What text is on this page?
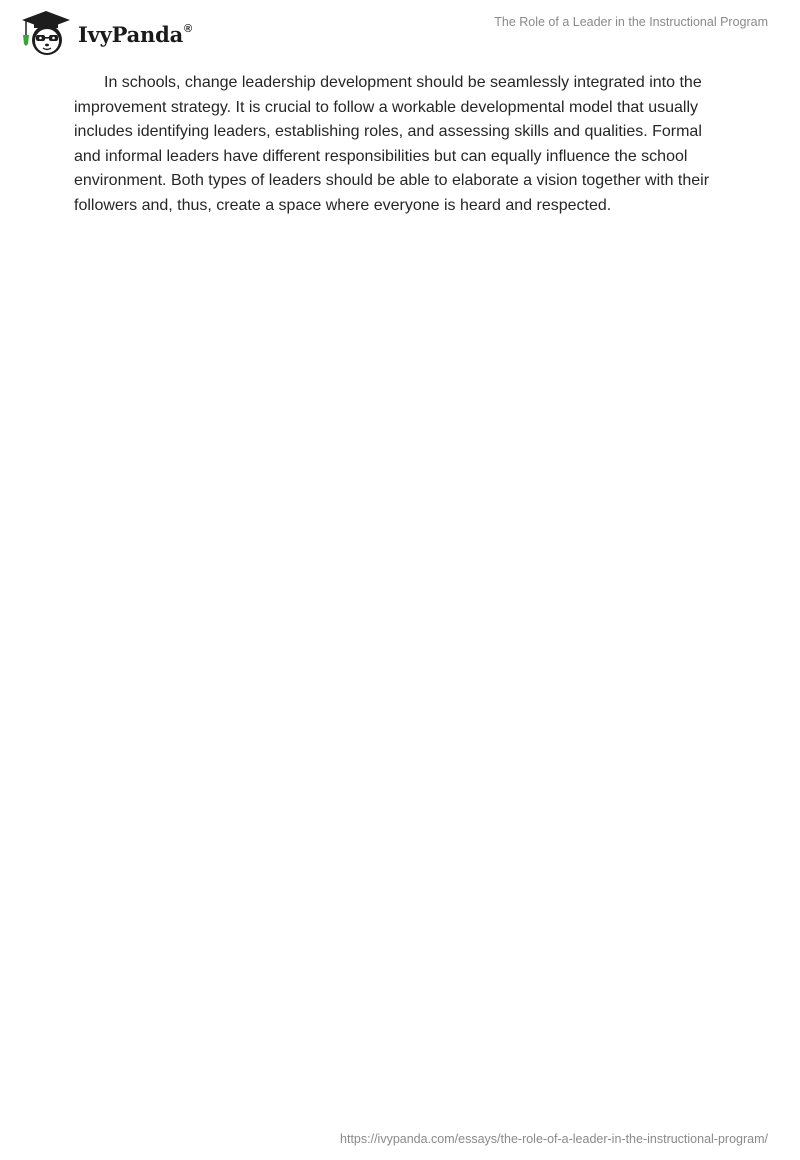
IvyPanda®	The Role of a Leader in the Instructional Program

In schools, change leadership development should be seamlessly integrated into the improvement strategy. It is crucial to follow a workable developmental model that usually includes identifying leaders, establishing roles, and assessing skills and qualities. Formal and informal leaders have different responsibilities but can equally influence the school environment. Both types of leaders should be able to elaborate a vision together with their followers and, thus, create a space where everyone is heard and respected.

https://ivypanda.com/essays/the-role-of-a-leader-in-the-instructional-program/
